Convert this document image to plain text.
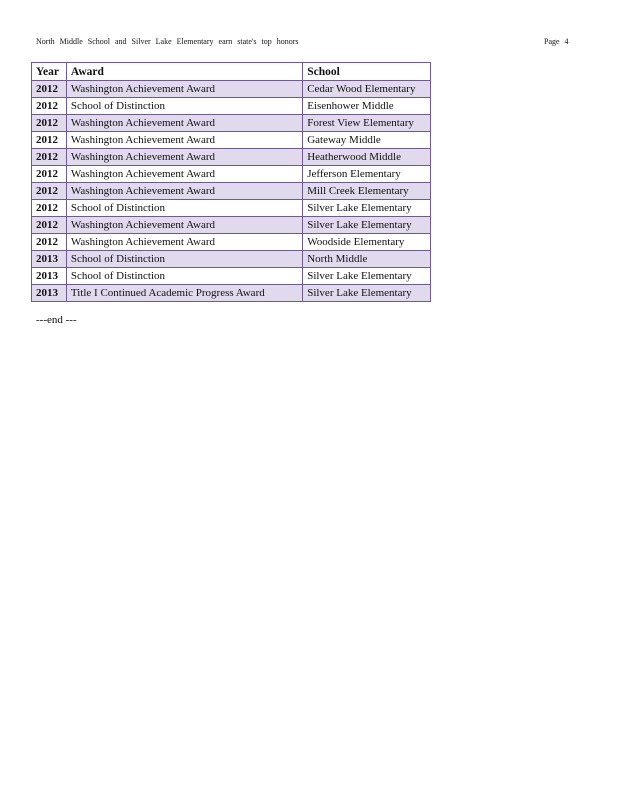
North Middle School and Silver Lake Elementary earn state's top honors	Page 4
Year	Award	School
2012	Washington Achievement Award	Cedar Wood Elementary
2012	School of Distinction	Eisenhower Middle
2012	Washington Achievement Award	Forest View Elementary
2012	Washington Achievement Award	Gateway Middle
2012	Washington Achievement Award	Heatherwood Middle
2012	Washington Achievement Award	Jefferson Elementary
2012	Washington Achievement Award	Mill Creek Elementary
2012	School of Distinction	Silver Lake Elementary
2012	Washington Achievement Award	Silver Lake Elementary
2012	Washington Achievement Award	Woodside Elementary
2013	School of Distinction	North Middle
2013	School of Distinction	Silver Lake Elementary
2013	Title I Continued Academic Progress Award	Silver Lake Elementary
---end ---
